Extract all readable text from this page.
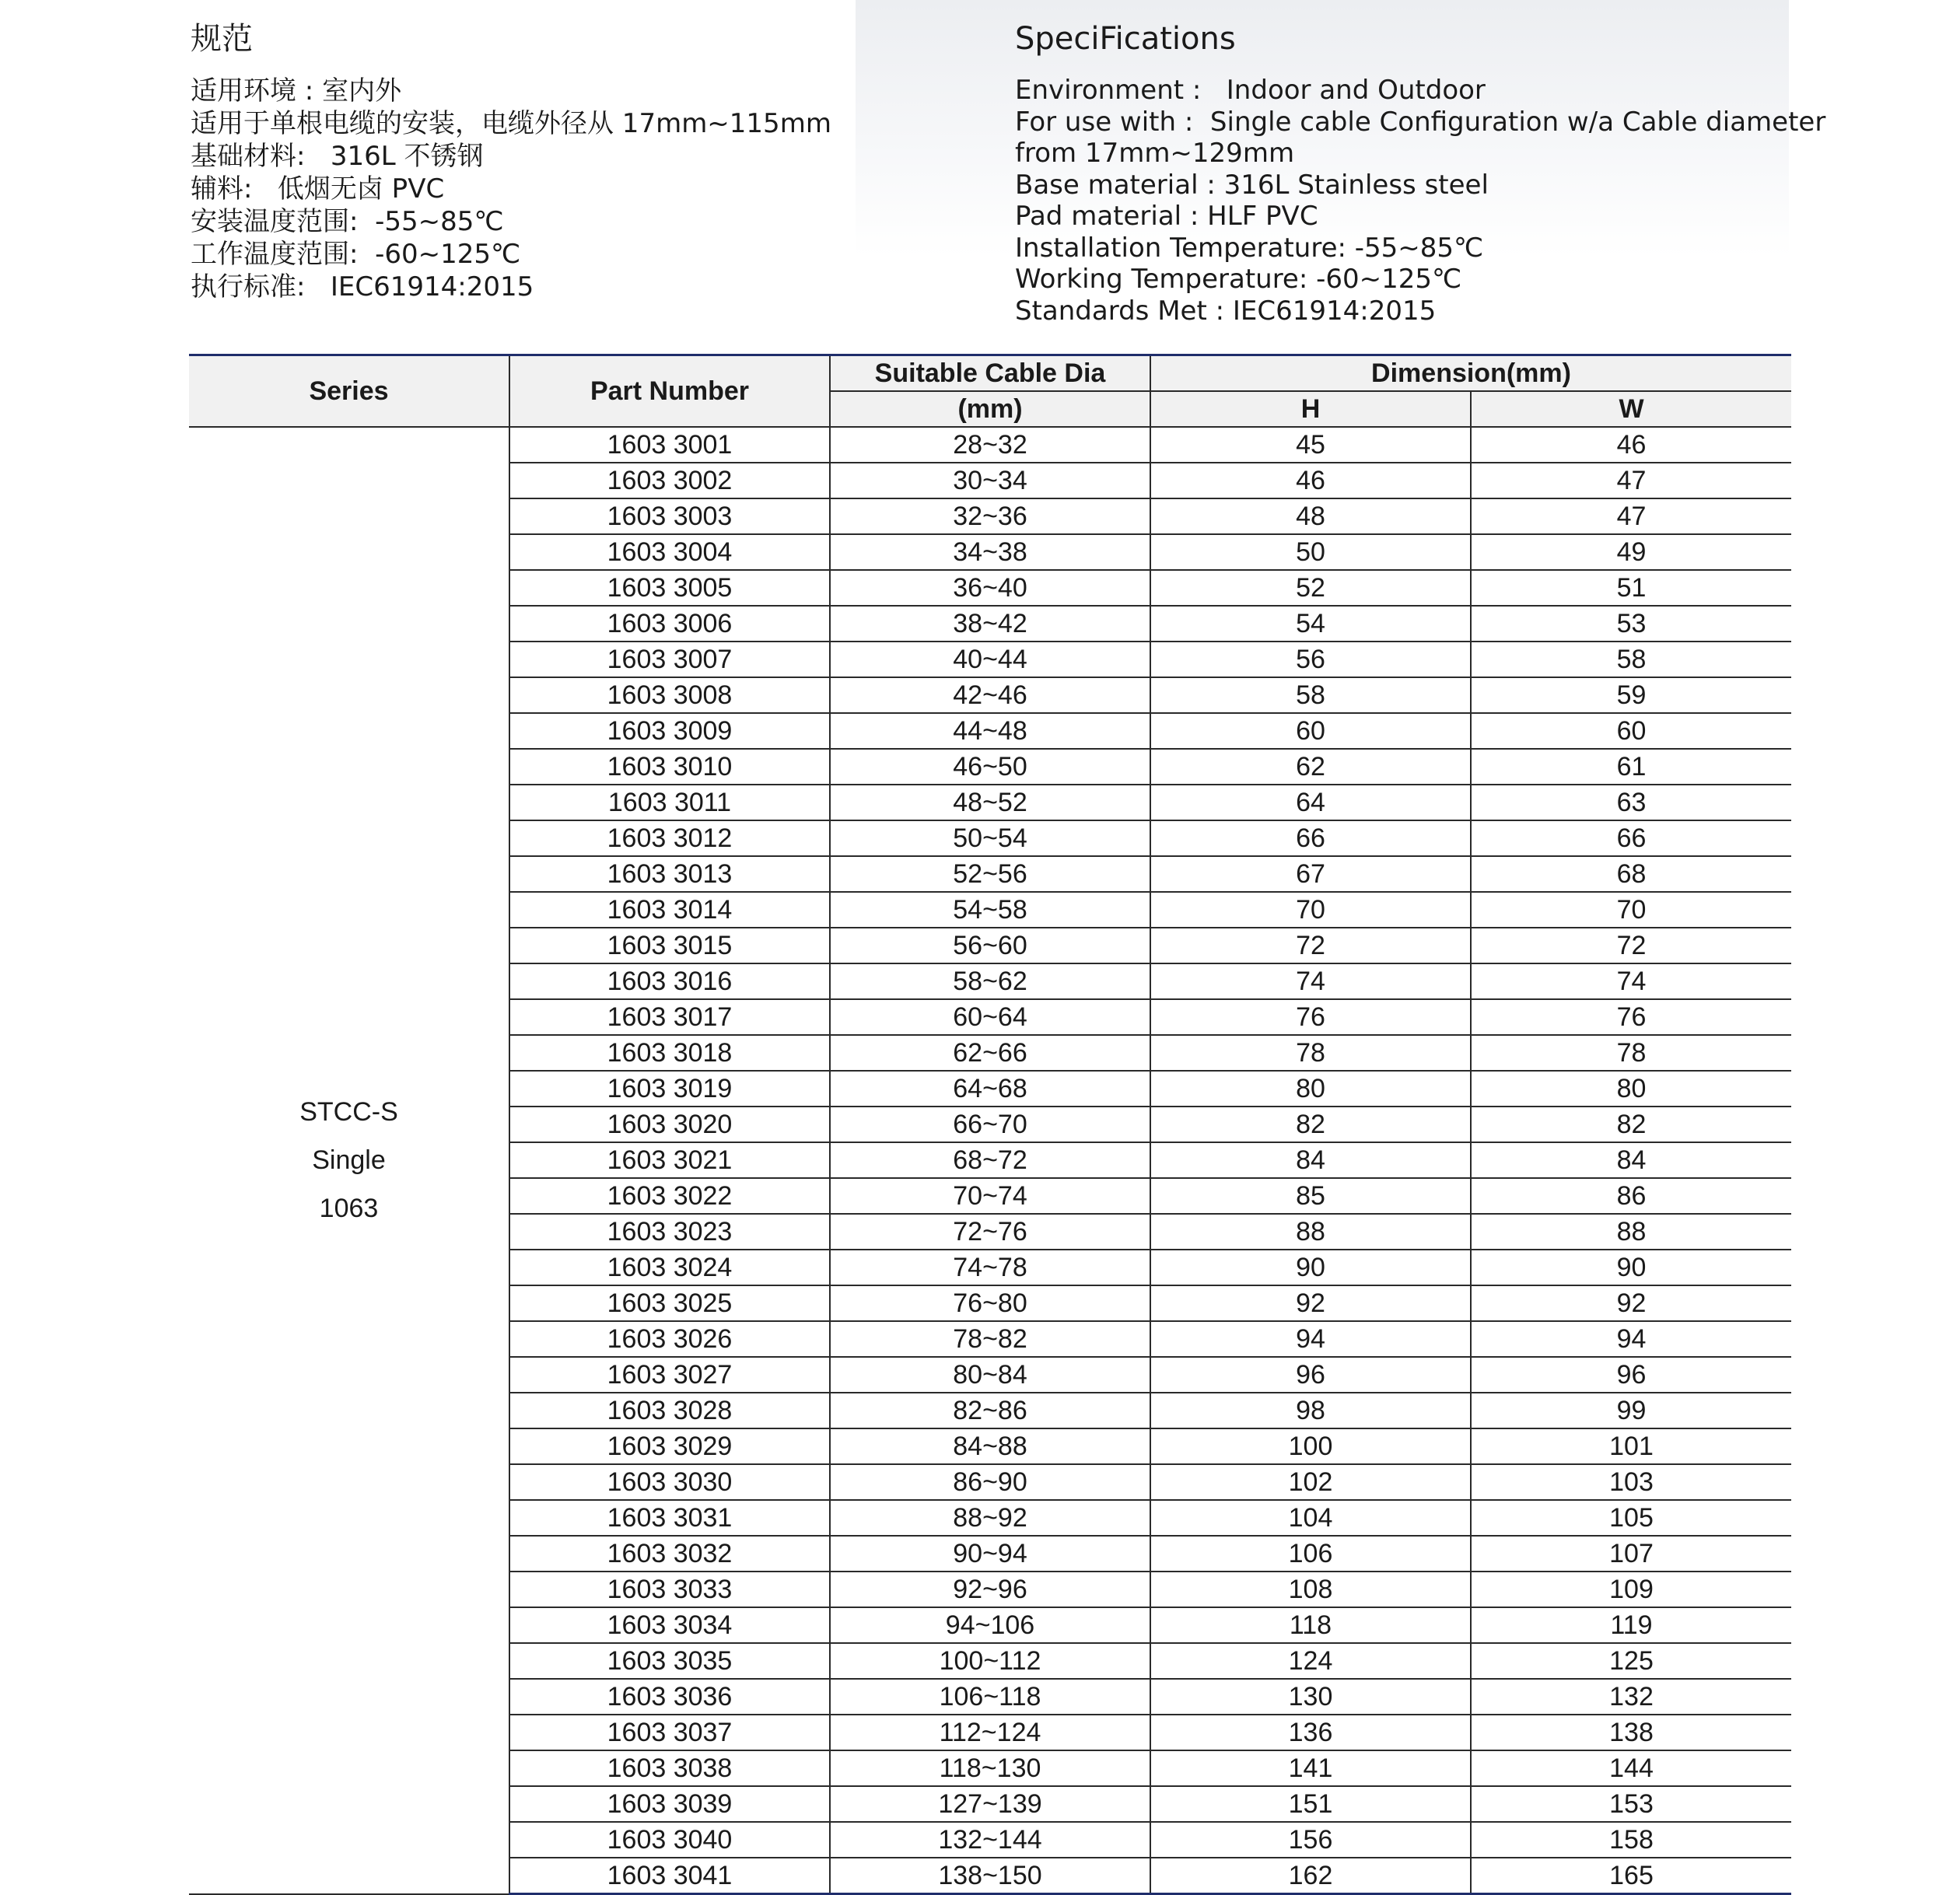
规范
适用环境 : 室内外
适用于单根电缆的安装，电缆外径从 17mm~115mm
基础材料:   316L 不锈钢
辅料:   低烟无卤 PVC
安装温度范围:  -55~85℃
工作温度范围:  -60~125℃
执行标准:   IEC61914:2015
SpeciFications
Environment :   Indoor and Outdoor
For use with :  Single cable Configuration w/a Cable diameter
from 17mm~129mm
Base material : 316L Stainless steel
Pad material : HLF PVC
Installation Temperature: -55~85℃
Working Temperature: -60~125℃
Standards Met : IEC61914:2015
Series	Part Number	Suitable Cable Dia	Dimension(mm)	
		(mm)	H	W

STCC-S
Single
1063	1603 3001	28~32	45	46
	1603 3002	30~34	46	47
	1603 3003	32~36	48	47
	1603 3004	34~38	50	49
	1603 3005	36~40	52	51
	1603 3006	38~42	54	53
	1603 3007	40~44	56	58
	1603 3008	42~46	58	59
	1603 3009	44~48	60	60
	1603 3010	46~50	62	61
	1603 3011	48~52	64	63
	1603 3012	50~54	66	66
	1603 3013	52~56	67	68
	1603 3014	54~58	70	70
	1603 3015	56~60	72	72
	1603 3016	58~62	74	74
	1603 3017	60~64	76	76
	1603 3018	62~66	78	78
	1603 3019	64~68	80	80
	1603 3020	66~70	82	82
	1603 3021	68~72	84	84
	1603 3022	70~74	85	86
	1603 3023	72~76	88	88
	1603 3024	74~78	90	90
	1603 3025	76~80	92	92
	1603 3026	78~82	94	94
	1603 3027	80~84	96	96
	1603 3028	82~86	98	99
	1603 3029	84~88	100	101
	1603 3030	86~90	102	103
	1603 3031	88~92	104	105
	1603 3032	90~94	106	107
	1603 3033	92~96	108	109
	1603 3034	94~106	118	119
	1603 3035	100~112	124	125
	1603 3036	106~118	130	132
	1603 3037	112~124	136	138
	1603 3038	118~130	141	144
	1603 3039	127~139	151	153
	1603 3040	132~144	156	158
	1603 3041	138~150	162	165
